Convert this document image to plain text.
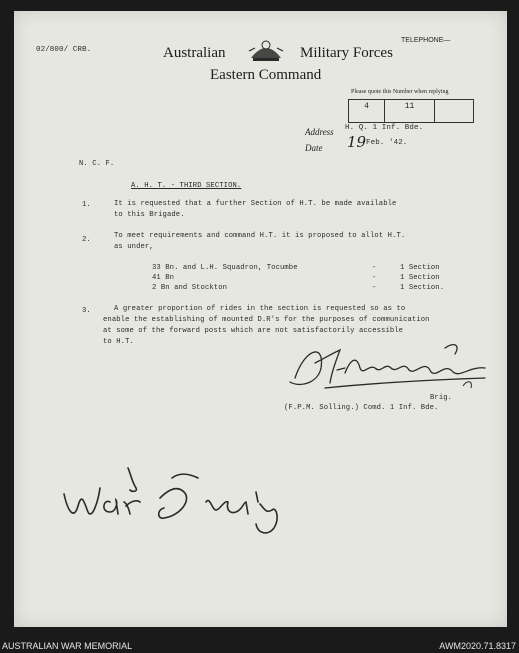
02/800/ CRB.
TELEPHONE—
Australian	Military Forces
Eastern Command
Please quote this Number when replying
4	11
Address H. Q. 1 Inf. Bde.
Date 19 Feb. '42.
N. C. F.
A. H. T. - THIRD SECTION.
1.	It is requested that a further Section of H.T. be made available
to this Brigade.
2.	To meet requirements and command H.T. it is proposed to allot H.T.
as under,
33 Bn. and L.H. Squadron, Tocumbe	-	1 Section
41 Bn	-	1 Section
2 Bn and Stockton	-	1 Section.
3.	A greater proportion of rides in the section is requested so as to
enable the establishing of mounted D.R's for the purposes of communication
at some of the forward posts which are not satisfactorily accessible
to H.T.
Brig.
(F.P.M. Solling.) Comd. 1 Inf. Bde.
AUSTRALIAN WAR MEMORIAL	AWM2020.71.8317
